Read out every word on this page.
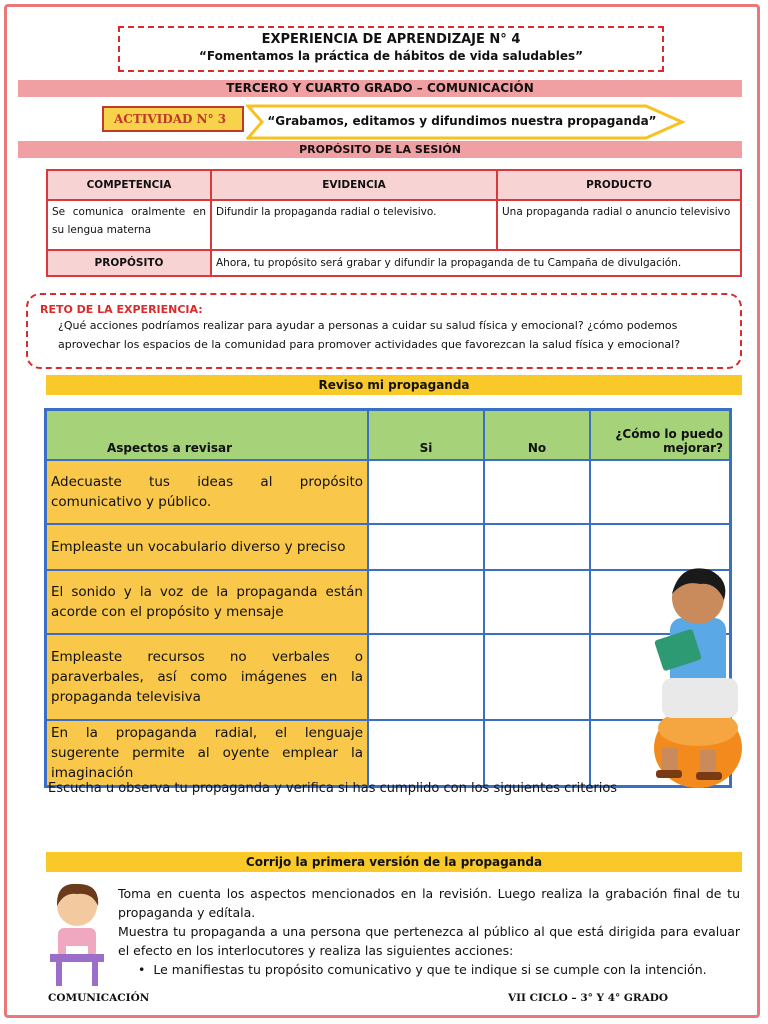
EXPERIENCIA DE APRENDIZAJE N° 4
“Fomentamos la práctica de hábitos de vida saludables”
TERCERO Y CUARTO GRADO – COMUNICACIÓN
ACTIVIDAD N° 3	“Grabamos, editamos y difundimos nuestra propaganda”
PROPÓSITO DE LA SESIÓN
COMPETENCIA	EVIDENCIA	PRODUCTO
Se comunica oralmente en su lengua materna	Difundir la propaganda radial o televisivo.	Una propaganda radial o anuncio televisivo
PROPÓSITO	Ahora, tu propósito será grabar y difundir la propaganda de tu Campaña de divulgación.	
RETO DE LA EXPERIENCIA:
¿Qué acciones podríamos realizar para ayudar a personas a cuidar su salud física y emocional? ¿cómo podemos aprovechar los espacios de la comunidad para promover actividades que favorezcan la salud física y emocional?
Reviso mi propaganda
Aspectos a revisar	Si	No	¿Cómo lo puedo mejorar?
Adecuaste tus ideas al propósito comunicativo y público.			
Empleaste un vocabulario diverso y preciso			
El sonido y la voz de la propaganda están acorde con el propósito y mensaje			
Empleaste recursos no verbales o paraverbales, así como imágenes en la propaganda televisiva			
En la propaganda radial, el lenguaje sugerente permite al oyente emplear la imaginación			
Escucha u observa tu propaganda y verifica si has cumplido con los siguientes criterios
Corrijo la primera versión de la propaganda

Toma en cuenta los aspectos mencionados en la revisión. Luego realiza la grabación final de tu propaganda y edítala.

Muestra tu propaganda a una persona que pertenezca al público al que está dirigida para evaluar el efecto en los interlocutores y realiza las siguientes acciones:

•  Le manifiestas tu propósito comunicativo y que te indique si se cumple con la intención.
COMUNICACIÓN	VII CICLO – 3° Y 4° GRADO
